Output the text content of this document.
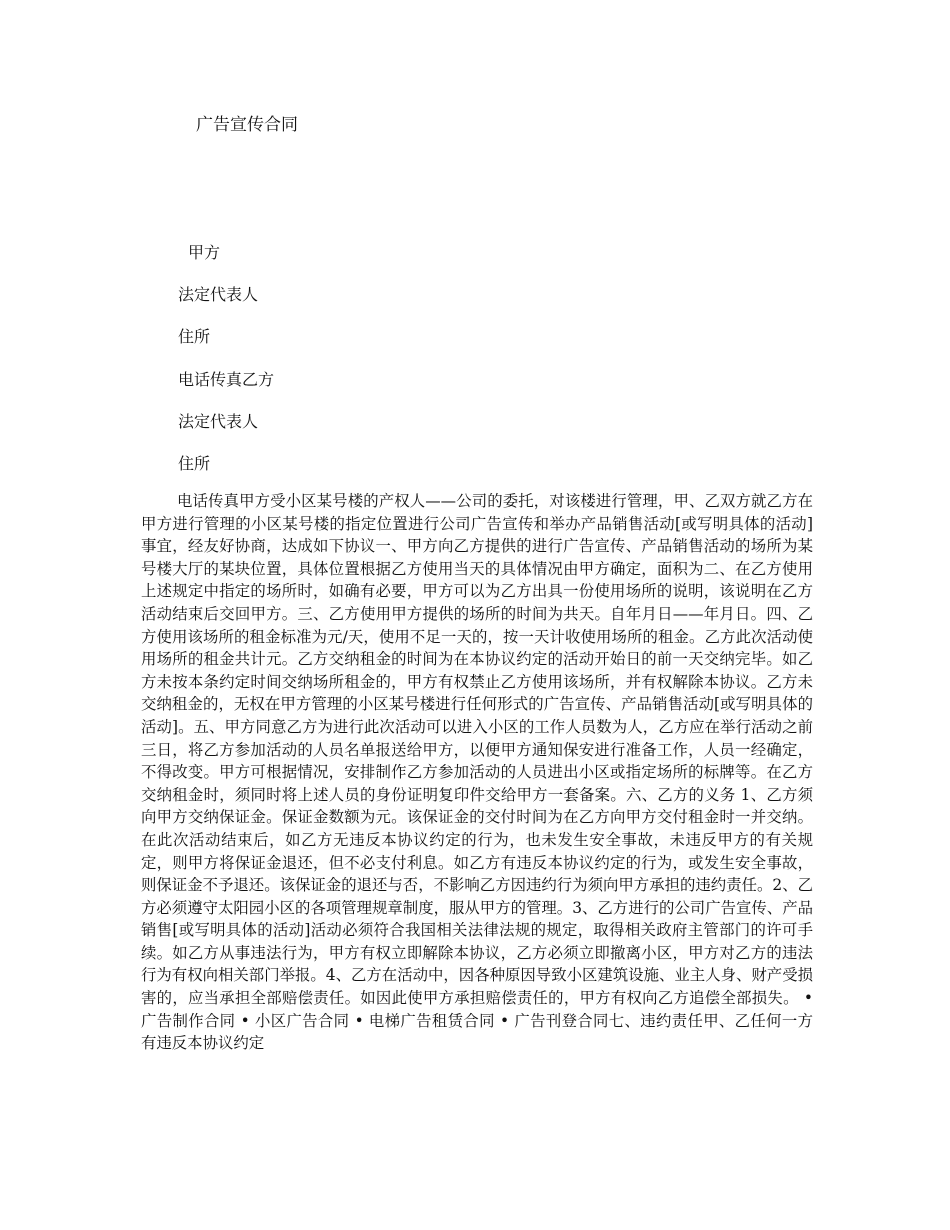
广告宣传合同
甲方
法定代表人
住所
电话传真乙方
法定代表人
住所

电话传真甲方受小区某号楼的产权人——公司的委托，对该楼进行管理，甲、乙双方就乙方在甲方进行管理的小区某号楼的指定位置进行公司广告宣传和举办产品销售活动[或写明具体的活动]事宜，经友好协商，达成如下协议一、甲方向乙方提供的进行广告宣传、产品销售活动的场所为某号楼大厅的某块位置，具体位置根据乙方使用当天的具体情况由甲方确定，面积为二、在乙方使用上述规定中指定的场所时，如确有必要，甲方可以为乙方出具一份使用场所的说明，该说明在乙方活动结束后交回甲方。三、乙方使用甲方提供的场所的时间为共天。自年月日——年月日。四、乙方使用该场所的租金标准为元/天，使用不足一天的，按一天计收使用场所的租金。乙方此次活动使用场所的租金共计元。乙方交纳租金的时间为在本协议约定的活动开始日的前一天交纳完毕。如乙方未按本条约定时间交纳场所租金的，甲方有权禁止乙方使用该场所，并有权解除本协议。乙方未交纳租金的，无权在甲方管理的小区某号楼进行任何形式的广告宣传、产品销售活动[或写明具体的活动]。五、甲方同意乙方为进行此次活动可以进入小区的工作人员数为人，乙方应在举行活动之前三日，将乙方参加活动的人员名单报送给甲方，以便甲方通知保安进行准备工作，人员一经确定，不得改变。甲方可根据情况，安排制作乙方参加活动的人员进出小区或指定场所的标牌等。在乙方交纳租金时，须同时将上述人员的身份证明复印件交给甲方一套备案。六、乙方的义务 1、乙方须向甲方交纳保证金。保证金数额为元。该保证金的交付时间为在乙方向甲方交付租金时一并交纳。在此次活动结束后，如乙方无违反本协议约定的行为，也未发生安全事故，未违反甲方的有关规定，则甲方将保证金退还，但不必支付利息。如乙方有违反本协议约定的行为，或发生安全事故，则保证金不予退还。该保证金的退还与否，不影响乙方因违约行为须向甲方承担的违约责任。2、乙方必须遵守太阳园小区的各项管理规章制度，服从甲方的管理。3、乙方进行的公司广告宣传、产品销售[或写明具体的活动]活动必须符合我国相关法律法规的规定，取得相关政府主管部门的许可手续。如乙方从事违法行为，甲方有权立即解除本协议，乙方必须立即撤离小区，甲方对乙方的违法行为有权向相关部门举报。4、乙方在活动中，因各种原因导致小区建筑设施、业主人身、财产受损害的，应当承担全部赔偿责任。如因此使甲方承担赔偿责任的，甲方有权向乙方追偿全部损失。 • 广告制作合同 • 小区广告合同 • 电梯广告租赁合同 • 广告刊登合同七、违约责任甲、乙任何一方有违反本协议约定
